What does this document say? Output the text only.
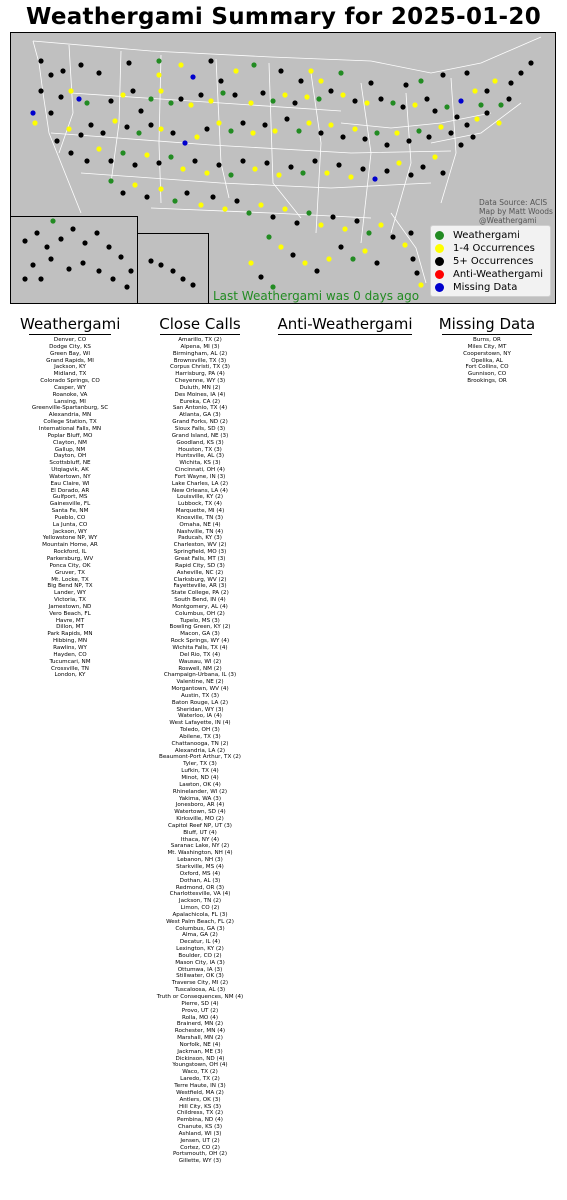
Weathergami Summary for 2025-01-20
Data Source: ACIS
Map by Matt Woods
@Weathergami
Weathergami
1-4 Occurrences
5+ Occurrences
Anti-Weathergami
Missing Data
Last Weathergami was 0 days ago
Weathergami
Denver, CO
Dodge City, KS
Green Bay, WI
Grand Rapids, MI
Jackson, KY
Midland, TX
Colorado Springs, CO
Casper, WY
Roanoke, VA
Lansing, MI
Greenville-Spartanburg, SC
Alexandria, MN
College Station, TX
International Falls, MN
Poplar Bluff, MO
Clayton, NM
Gallup, NM
Dayton, OH
Scottsbluff, NE
Utqiagvik, AK
Watertown, NY
Eau Claire, WI
El Dorado, AR
Gulfport, MS
Gainesville, FL
Santa Fe, NM
Pueblo, CO
La Junta, CO
Jackson, WY
Yellowstone NP, WY
Mountain Home, AR
Rockford, IL
Parkersburg, WV
Ponca City, OK
Gruver, TX
Mt. Locke, TX
Big Bend NP, TX
Lander, WY
Victoria, TX
Jamestown, ND
Vero Beach, FL
Havre, MT
Dillon, MT
Park Rapids, MN
Hibbing, MN
Rawlins, WY
Hayden, CO
Tucumcari, NM
Crossville, TN
London, KY
Close Calls
Amarillo, TX (2)
Alpena, MI (3)
Birmingham, AL (2)
Brownsville, TX (3)
Corpus Christi, TX (3)
Harrisburg, PA (4)
Cheyenne, WY (3)
Duluth, MN (2)
Des Moines, IA (4)
Eureka, CA (2)
San Antonio, TX (4)
Atlanta, GA (3)
Grand Forks, ND (2)
Sioux Falls, SD (3)
Grand Island, NE (3)
Goodland, KS (3)
Houston, TX (3)
Huntsville, AL (3)
Wichita, KS (3)
Cincinnati, OH (4)
Fort Wayne, IN (3)
Lake Charles, LA (2)
New Orleans, LA (4)
Louisville, KY (2)
Lubbock, TX (4)
Marquette, MI (4)
Knoxville, TN (3)
Omaha, NE (4)
Nashville, TN (4)
Paducah, KY (3)
Charleston, WV (2)
Springfield, MO (3)
Great Falls, MT (3)
Rapid City, SD (3)
Asheville, NC (2)
Clarksburg, WV (2)
Fayetteville, AR (3)
State College, PA (2)
South Bend, IN (4)
Montgomery, AL (4)
Columbus, OH (2)
Tupelo, MS (3)
Bowling Green, KY (2)
Macon, GA (3)
Rock Springs, WY (4)
Wichita Falls, TX (4)
Del Rio, TX (4)
Wausau, WI (2)
Roswell, NM (2)
Champaign-Urbana, IL (3)
Valentine, NE (2)
Morgantown, WV (4)
Austin, TX (3)
Baton Rouge, LA (2)
Sheridan, WY (3)
Waterloo, IA (4)
West Lafayette, IN (4)
Toledo, OH (3)
Abilene, TX (3)
Chattanooga, TN (2)
Alexandria, LA (2)
Beaumont-Port Arthur, TX (2)
Tyler, TX (3)
Lufkin, TX (4)
Minot, ND (4)
Lawton, OK (4)
Rhinelander, WI (2)
Yakima, WA (3)
Jonesboro, AR (4)
Watertown, SD (4)
Kirksville, MO (2)
Capitol Reef NP, UT (3)
Bluff, UT (4)
Ithaca, NY (4)
Saranac Lake, NY (2)
Mt. Washington, NH (4)
Lebanon, NH (3)
Starkville, MS (4)
Oxford, MS (4)
Dothan, AL (3)
Redmond, OR (3)
Charlottesville, VA (4)
Jackson, TN (2)
Limon, CO (2)
Apalachicola, FL (3)
West Palm Beach, FL (2)
Columbus, GA (3)
Alma, GA (2)
Decatur, IL (4)
Lexington, KY (2)
Boulder, CO (2)
Mason City, IA (3)
Ottumwa, IA (3)
Stillwater, OK (3)
Traverse City, MI (2)
Tuscaloosa, AL (3)
Truth or Consequences, NM (4)
Pierre, SD (4)
Provo, UT (2)
Rolla, MO (4)
Brainerd, MN (2)
Rochester, MN (4)
Marshall, MN (2)
Norfolk, NE (4)
Jackman, ME (3)
Dickinson, ND (4)
Youngstown, OH (4)
Waco, TX (2)
Laredo, TX (2)
Terre Haute, IN (3)
Westfield, MA (2)
Antlers, OK (3)
Hill City, KS (3)
Childress, TX (2)
Pembina, ND (4)
Chanute, KS (3)
Ashland, WI (3)
Jensen, UT (2)
Cortez, CO (2)
Portsmouth, OH (2)
Gillette, WY (3)
Anti-Weathergami	Missing Data
Burns, OR
Miles City, MT
Cooperstown, NY
Opelika, AL
Fort Collins, CO
Gunnison, CO
Brookings, OR
